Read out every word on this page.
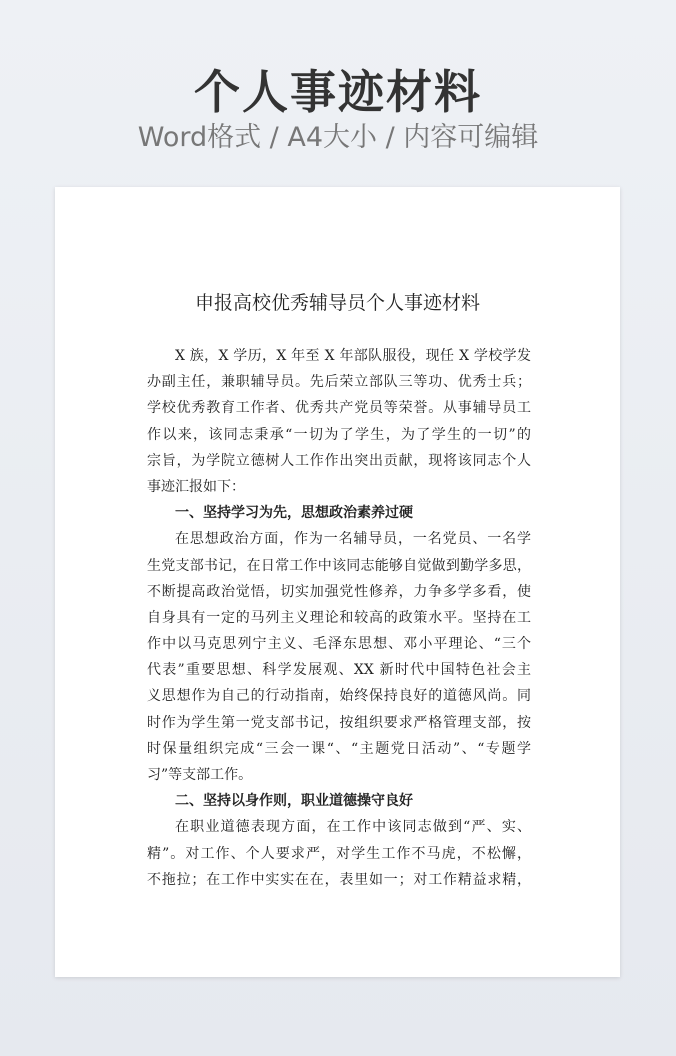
个人事迹材料
Word格式 / A4大小 / 内容可编辑
申报高校优秀辅导员个人事迹材料
X 族，X 学历，X 年至 X 年部队服役，现任 X 学校学发
办副主任，兼职辅导员。先后荣立部队三等功、优秀士兵；
学校优秀教育工作者、优秀共产党员等荣誉。从事辅导员工
作以来，该同志秉承“一切为了学生，为了学生的一切”的
宗旨，为学院立德树人工作作出突出贡献，现将该同志个人
事迹汇报如下：
一、坚持学习为先，思想政治素养过硬
在思想政治方面，作为一名辅导员，一名党员、一名学
生党支部书记，在日常工作中该同志能够自觉做到勤学多思，
不断提高政治觉悟，切实加强党性修养，力争多学多看，使
自身具有一定的马列主义理论和较高的政策水平。坚持在工
作中以马克思列宁主义、毛泽东思想、邓小平理论、“三个
代表”重要思想、科学发展观、XX 新时代中国特色社会主
义思想作为自己的行动指南，始终保持良好的道德风尚。同
时作为学生第一党支部书记，按组织要求严格管理支部，按
时保量组织完成“三会一课“、“主题党日活动”、“专题学
习”等支部工作。
二、坚持以身作则，职业道德操守良好
在职业道德表现方面，在工作中该同志做到“严、实、
精”。对工作、个人要求严，对学生工作不马虎，不松懈，
不拖拉；在工作中实实在在，表里如一；对工作精益求精，
